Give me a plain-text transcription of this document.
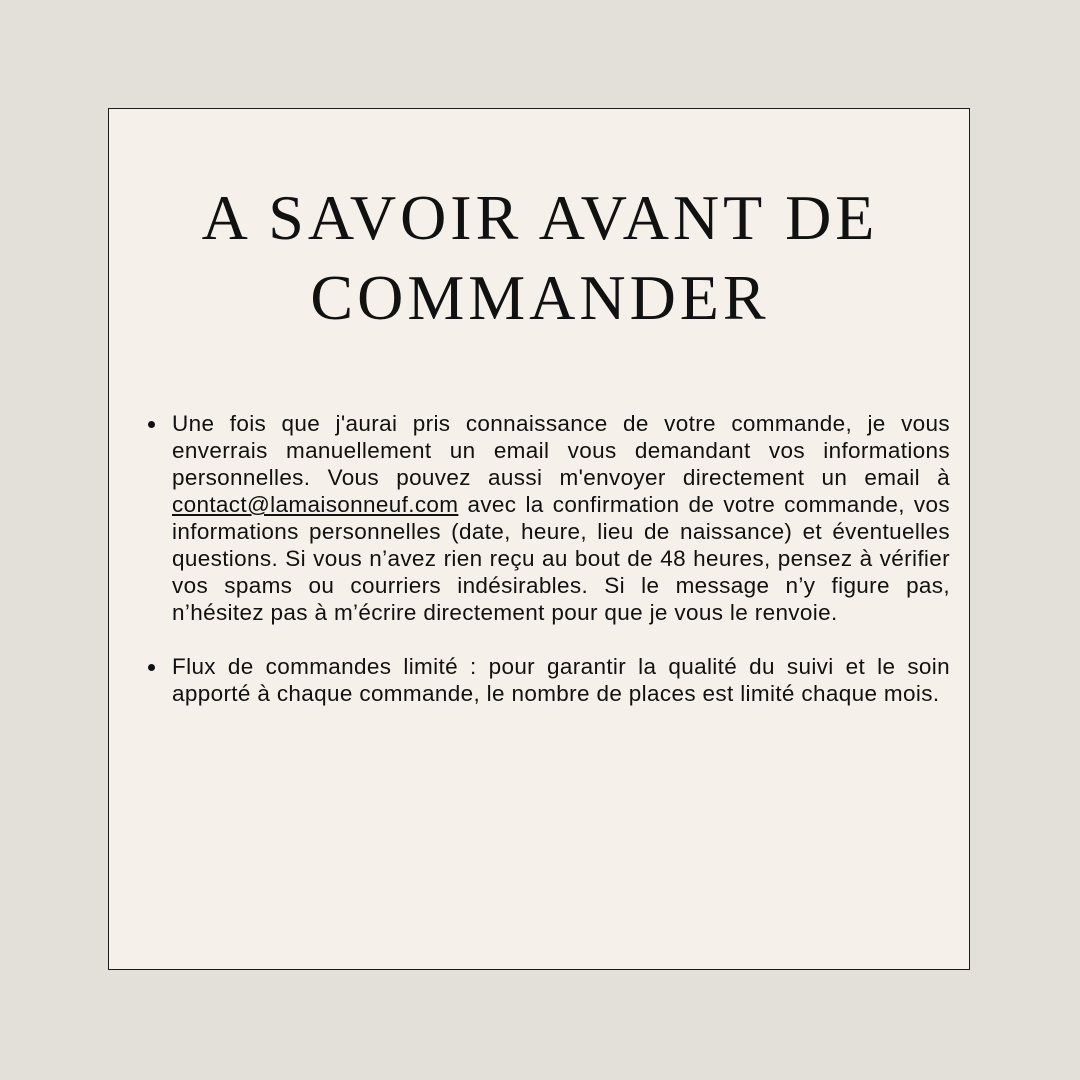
A SAVOIR AVANT DE
COMMANDER
Une fois que j'aurai pris connaissance de votre commande, je vous enverrais manuellement un email vous demandant vos informations personnelles. Vous pouvez aussi m'envoyer directement un email à contact@lamaisonneuf.com avec la confirmation de votre commande, vos informations personnelles (date, heure, lieu de naissance) et éventuelles questions. Si vous n’avez rien reçu au bout de 48 heures, pensez à vérifier vos spams ou courriers indésirables. Si le message n’y figure pas, n’hésitez pas à m’écrire directement pour que je vous le renvoie.
Flux de commandes limité : pour garantir la qualité du suivi et le soin apporté à chaque commande, le nombre de places est limité chaque mois.
